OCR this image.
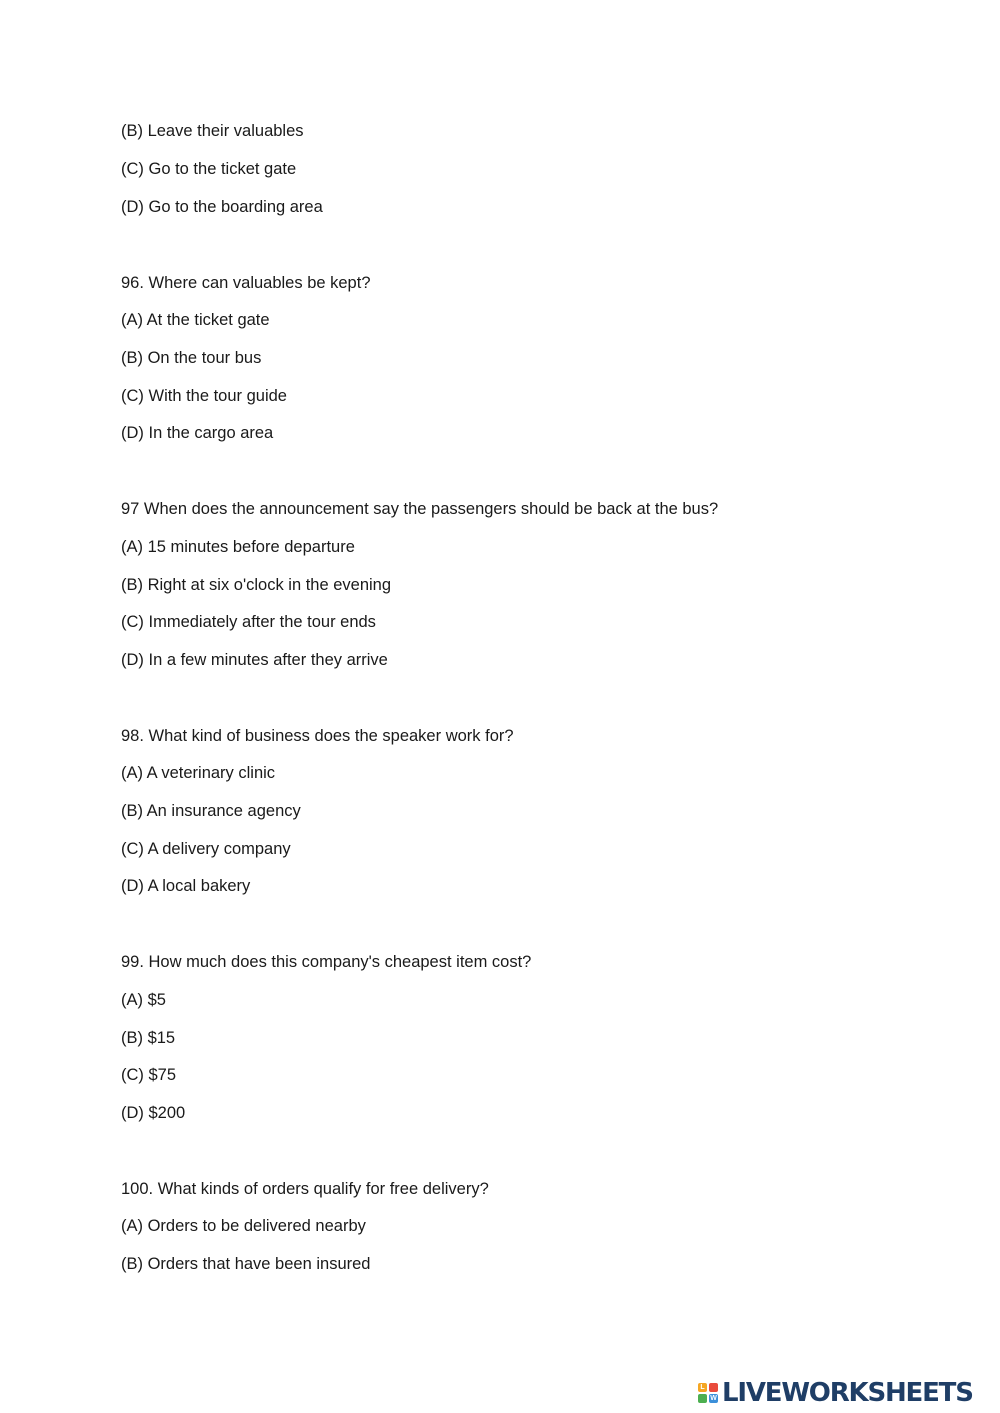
(B) Leave their valuables

(C) Go to the ticket gate

(D) Go to the boarding area

96. Where can valuables be kept?

(A) At the ticket gate

(B) On the tour bus

(C) With the tour guide

(D) In the cargo area

97 When does the announcement say the passengers should be back at the bus?

(A) 15 minutes before departure

(B) Right at six o'clock in the evening

(C) Immediately after the tour ends

(D) In a few minutes after they arrive

98. What kind of business does the speaker work for?

(A) A veterinary clinic

(B) An insurance agency

(C) A delivery company

(D) A local bakery

99. How much does this company's cheapest item cost?

(A) $5

(B) $15

(C) $75

(D) $200

100. What kinds of orders qualify for free delivery?

(A) Orders to be delivered nearby

(B) Orders that have been insured

L
W LIVEWORKSHEETS
